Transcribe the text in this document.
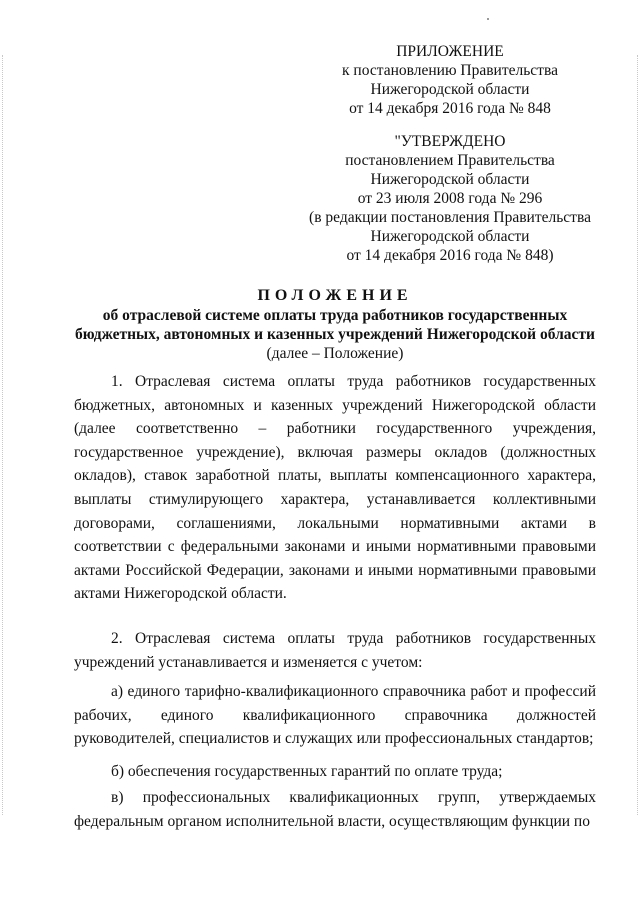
ПРИЛОЖЕНИЕ
к постановлению Правительства
Нижегородской области
от 14 декабря 2016 года № 848
"УТВЕРЖДЕНО
постановлением Правительства
Нижегородской области
от 23 июля 2008 года № 296
(в редакции постановления Правительства
Нижегородской области
от 14 декабря 2016 года № 848)
ПОЛОЖЕНИЕ
об отраслевой системе оплаты труда работников государственных
бюджетных, автономных и казенных учреждений Нижегородской области
(далее – Положение)

1. Отраслевая система оплаты труда работников государственных бюджетных, автономных и казенных учреждений Нижегородской области (далее соответственно – работники государственного учреждения, государственное учреждение), включая размеры окладов (должностных окладов), ставок заработной платы, выплаты компенсационного характера, выплаты стимулирующего характера, устанавливается коллективными договорами, соглашениями, локальными нормативными актами в соответствии с федеральными законами и иными нормативными правовыми актами Российской Федерации, законами и иными нормативными правовыми актами Нижегородской области.

2. Отраслевая система оплаты труда работников государственных учреждений устанавливается и изменяется с учетом:

а) единого тарифно-квалификационного справочника работ и профессий рабочих, единого квалификационного справочника должностей руководителей, специалистов и служащих или профессиональных стандартов;

б) обеспечения государственных гарантий по оплате труда;

в) профессиональных квалификационных групп, утверждаемых федеральным органом исполнительной власти, осуществляющим функции по
